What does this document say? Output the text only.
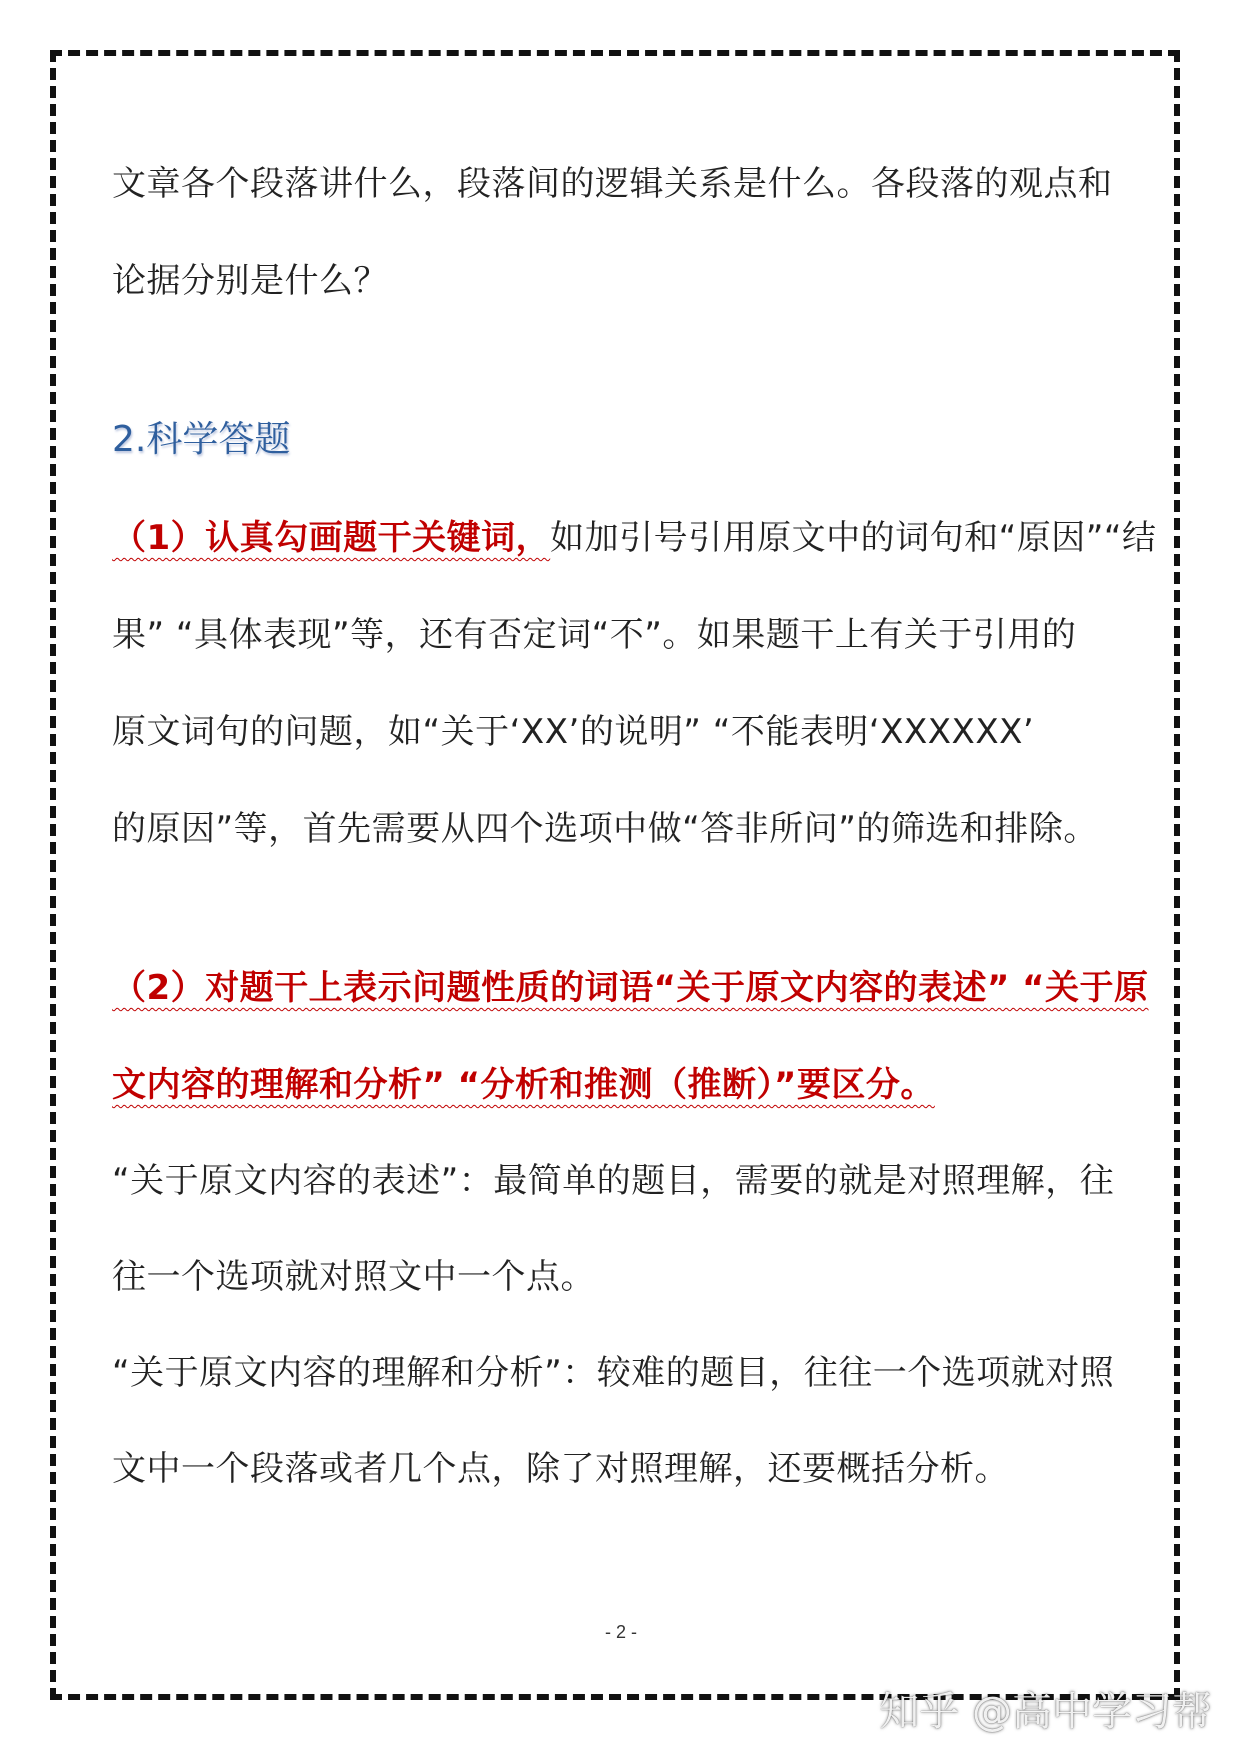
文章各个段落讲什么，段落间的逻辑关系是什么。各段落的观点和
论据分别是什么？
2.科学答题
（1）认真勾画题干关键词，如加引号引用原文中的词句和“原因”“结
果” “具体表现”等，还有否定词“不”。如果题干上有关于引用的
原文词句的问题，如“关于‘XX’的说明” “不能表明‘XXXXXX’
的原因”等，首先需要从四个选项中做“答非所问”的筛选和排除。
（2）对题干上表示问题性质的词语“关于原文内容的表述” “关于原
文内容的理解和分析” “分析和推测（推断）”要区分。
“关于原文内容的表述”：最简单的题目，需要的就是对照理解，往
往一个选项就对照文中一个点。
“关于原文内容的理解和分析”：较难的题目，往往一个选项就对照
文中一个段落或者几个点，除了对照理解，还要概括分析。
- 2 -
知乎 @高中学习帮
